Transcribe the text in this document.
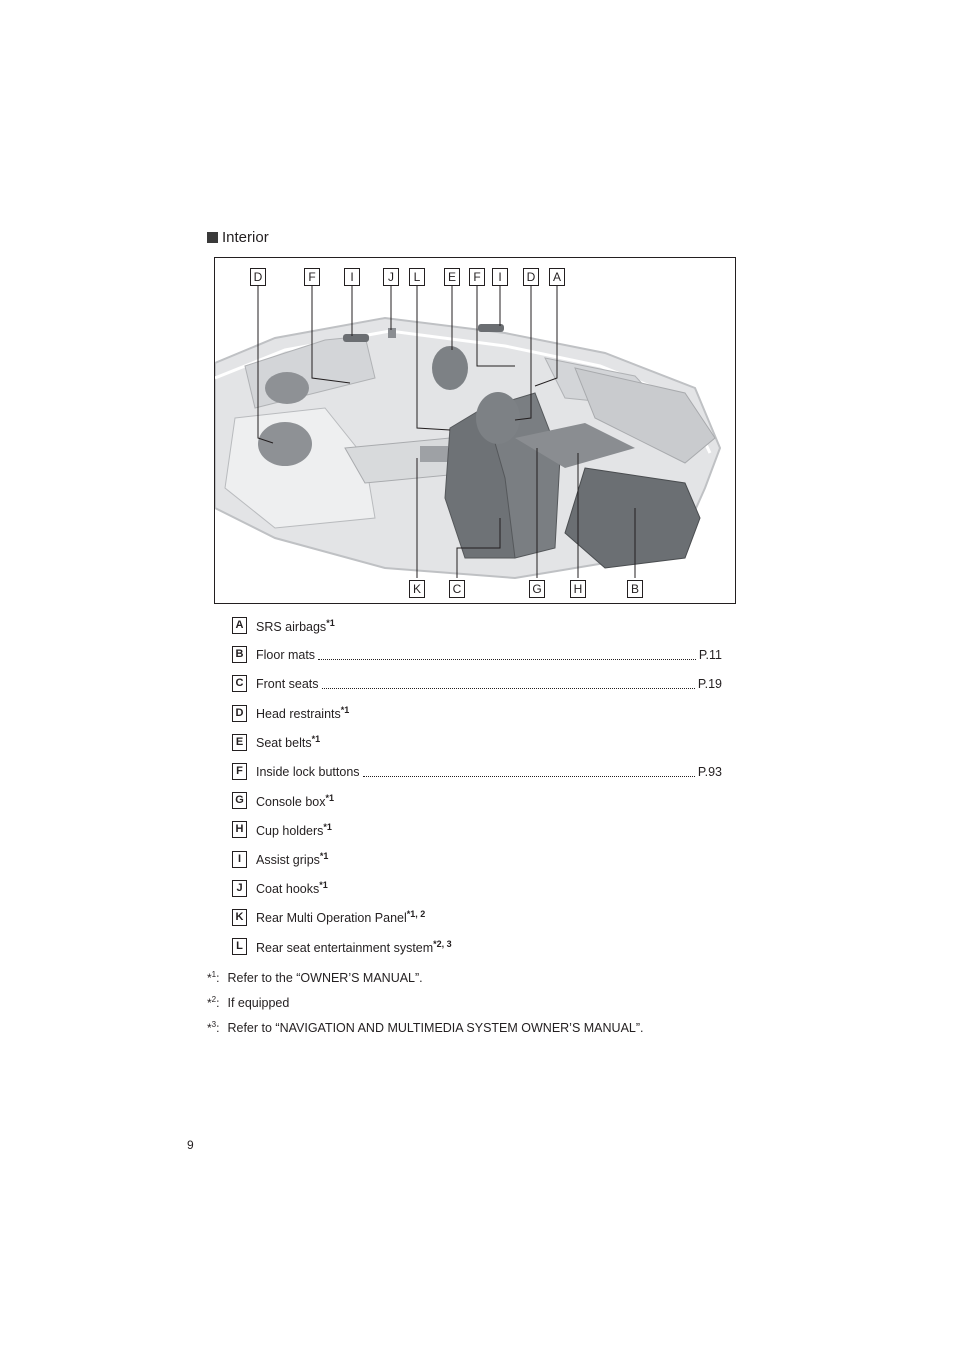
Interior
D	F	I	J	L	E	F	I	D	A
K	C	G	H	B
A SRS airbags$^{*1}$
B Floor mats	P.11
C Front seats	P.19
D Head restraints$^{*1}$
E	Seat belts$^{*1}$
F	Inside lock buttons	P.93
G Console box$^{*1}$
H Cup holders$^{*1}$
I	Assist grips$^{*1}$
J	Coat hooks$^{*1}$
K Rear Multi Operation Panel$^{*1, 2}$
L	Rear seat entertainment system$^{*2, 3}$
*$^1$: Refer to the “OWNER’S MANUAL”.
*$^2$: If equipped
*$^3$: Refer to “NAVIGATION AND MULTIMEDIA SYSTEM OWNER’S MANUAL”.
9
